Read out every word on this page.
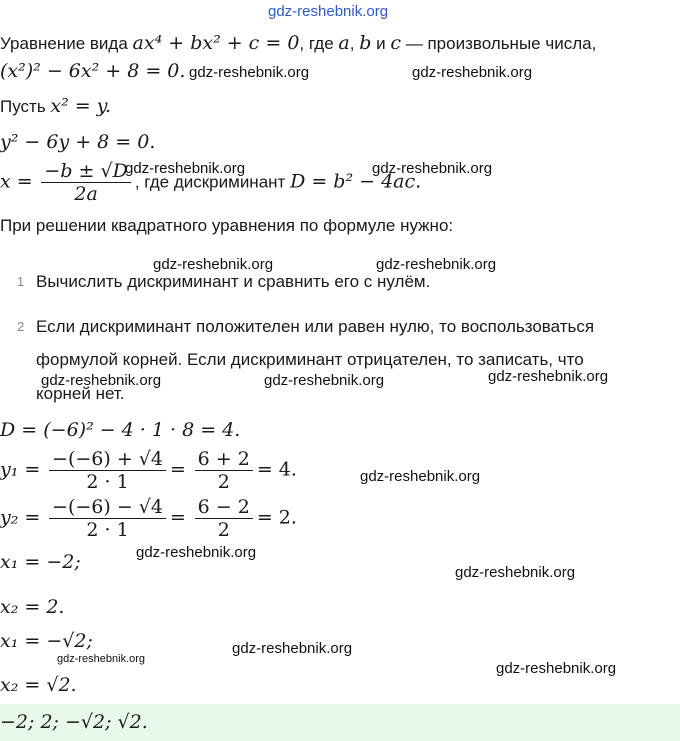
gdz-reshebnik.org
gdz-reshebnik.org	gdz-reshebnik.org
gdz-reshebnik.org	gdz-reshebnik.org
gdz-reshebnik.org	gdz-reshebnik.org
gdz-reshebnik.org	gdz-reshebnik.org	gdz-reshebnik.org
gdz-reshebnik.org
gdz-reshebnik.org
gdz-reshebnik.org
gdz-reshebnik.org
gdz-reshebnik.org
gdz-reshebnik.org
Уравнение вида ax⁴ + bx² + c = 0, где a, b и c — произвольные числа,
(x²)² − 6x² + 8 = 0.
Пусть x² = y.
y² − 6y + 8 = 0.
$x = \frac{-b \pm √D}{2a}$ , где дискриминант D = b² − 4ac.
При решении квадратного уравнения по формуле нужно:
1 Вычислить дискриминант и сравнить его с нулём.
2 Если дискриминант положителен или равен нулю, то воспользоваться
формулой корней. Если дискриминант отрицателен, то записать, что
корней нет.
D = (−6)² − 4 · 1 · 8 = 4.
$y_1 = \frac{-(-6) + √4}{2 \cdot 1} = \frac{6 + 2}{2} = 4$.
$y_2 = \frac{-(-6) - √4}{2 \cdot 1} = \frac{6 - 2}{2} = 2$.
x₁ = −2;
x₂ = 2.
x₁ = −√2;
x₂ = √2.
−2; 2; −√2; √2.
